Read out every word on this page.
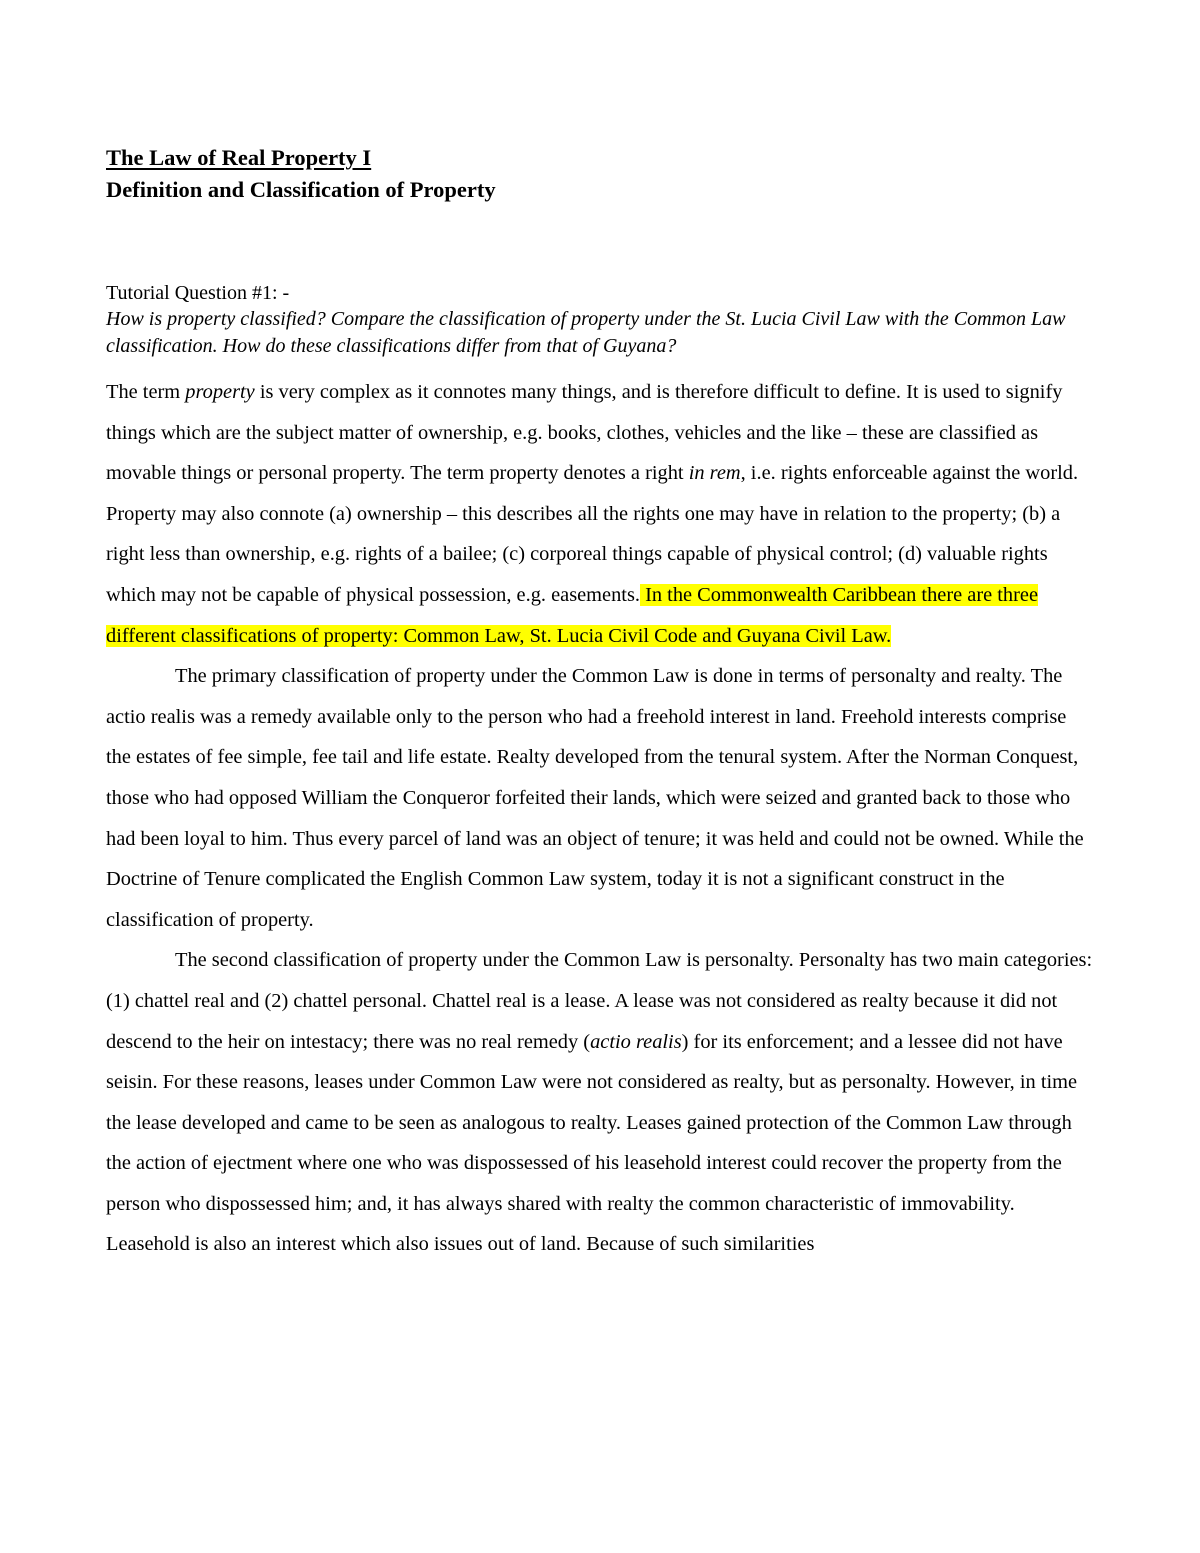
The Law of Real Property I
Definition and Classification of Property
Tutorial Question #1: -

How is property classified? Compare the classification of property under the St. Lucia Civil Law with the Common Law classification. How do these classifications differ from that of Guyana?

The term property is very complex as it connotes many things, and is therefore difficult to define. It is used to signify things which are the subject matter of ownership, e.g. books, clothes, vehicles and the like – these are classified as movable things or personal property. The term property denotes a right in rem, i.e. rights enforceable against the world. Property may also connote (a) ownership – this describes all the rights one may have in relation to the property; (b) a right less than ownership, e.g. rights of a bailee; (c) corporeal things capable of physical control; (d) valuable rights which may not be capable of physical possession, e.g. easements. In the Commonwealth Caribbean there are three different classifications of property: Common Law, St. Lucia Civil Code and Guyana Civil Law.

The primary classification of property under the Common Law is done in terms of personalty and realty. The actio realis was a remedy available only to the person who had a freehold interest in land. Freehold interests comprise the estates of fee simple, fee tail and life estate. Realty developed from the tenural system. After the Norman Conquest, those who had opposed William the Conqueror forfeited their lands, which were seized and granted back to those who had been loyal to him. Thus every parcel of land was an object of tenure; it was held and could not be owned. While the Doctrine of Tenure complicated the English Common Law system, today it is not a significant construct in the classification of property.

The second classification of property under the Common Law is personalty. Personalty has two main categories: (1) chattel real and (2) chattel personal. Chattel real is a lease. A lease was not considered as realty because it did not descend to the heir on intestacy; there was no real remedy (actio realis) for its enforcement; and a lessee did not have seisin. For these reasons, leases under Common Law were not considered as realty, but as personalty. However, in time the lease developed and came to be seen as analogous to realty. Leases gained protection of the Common Law through the action of ejectment where one who was dispossessed of his leasehold interest could recover the property from the person who dispossessed him; and, it has always shared with realty the common characteristic of immovability. Leasehold is also an interest which also issues out of land. Because of such similarities
